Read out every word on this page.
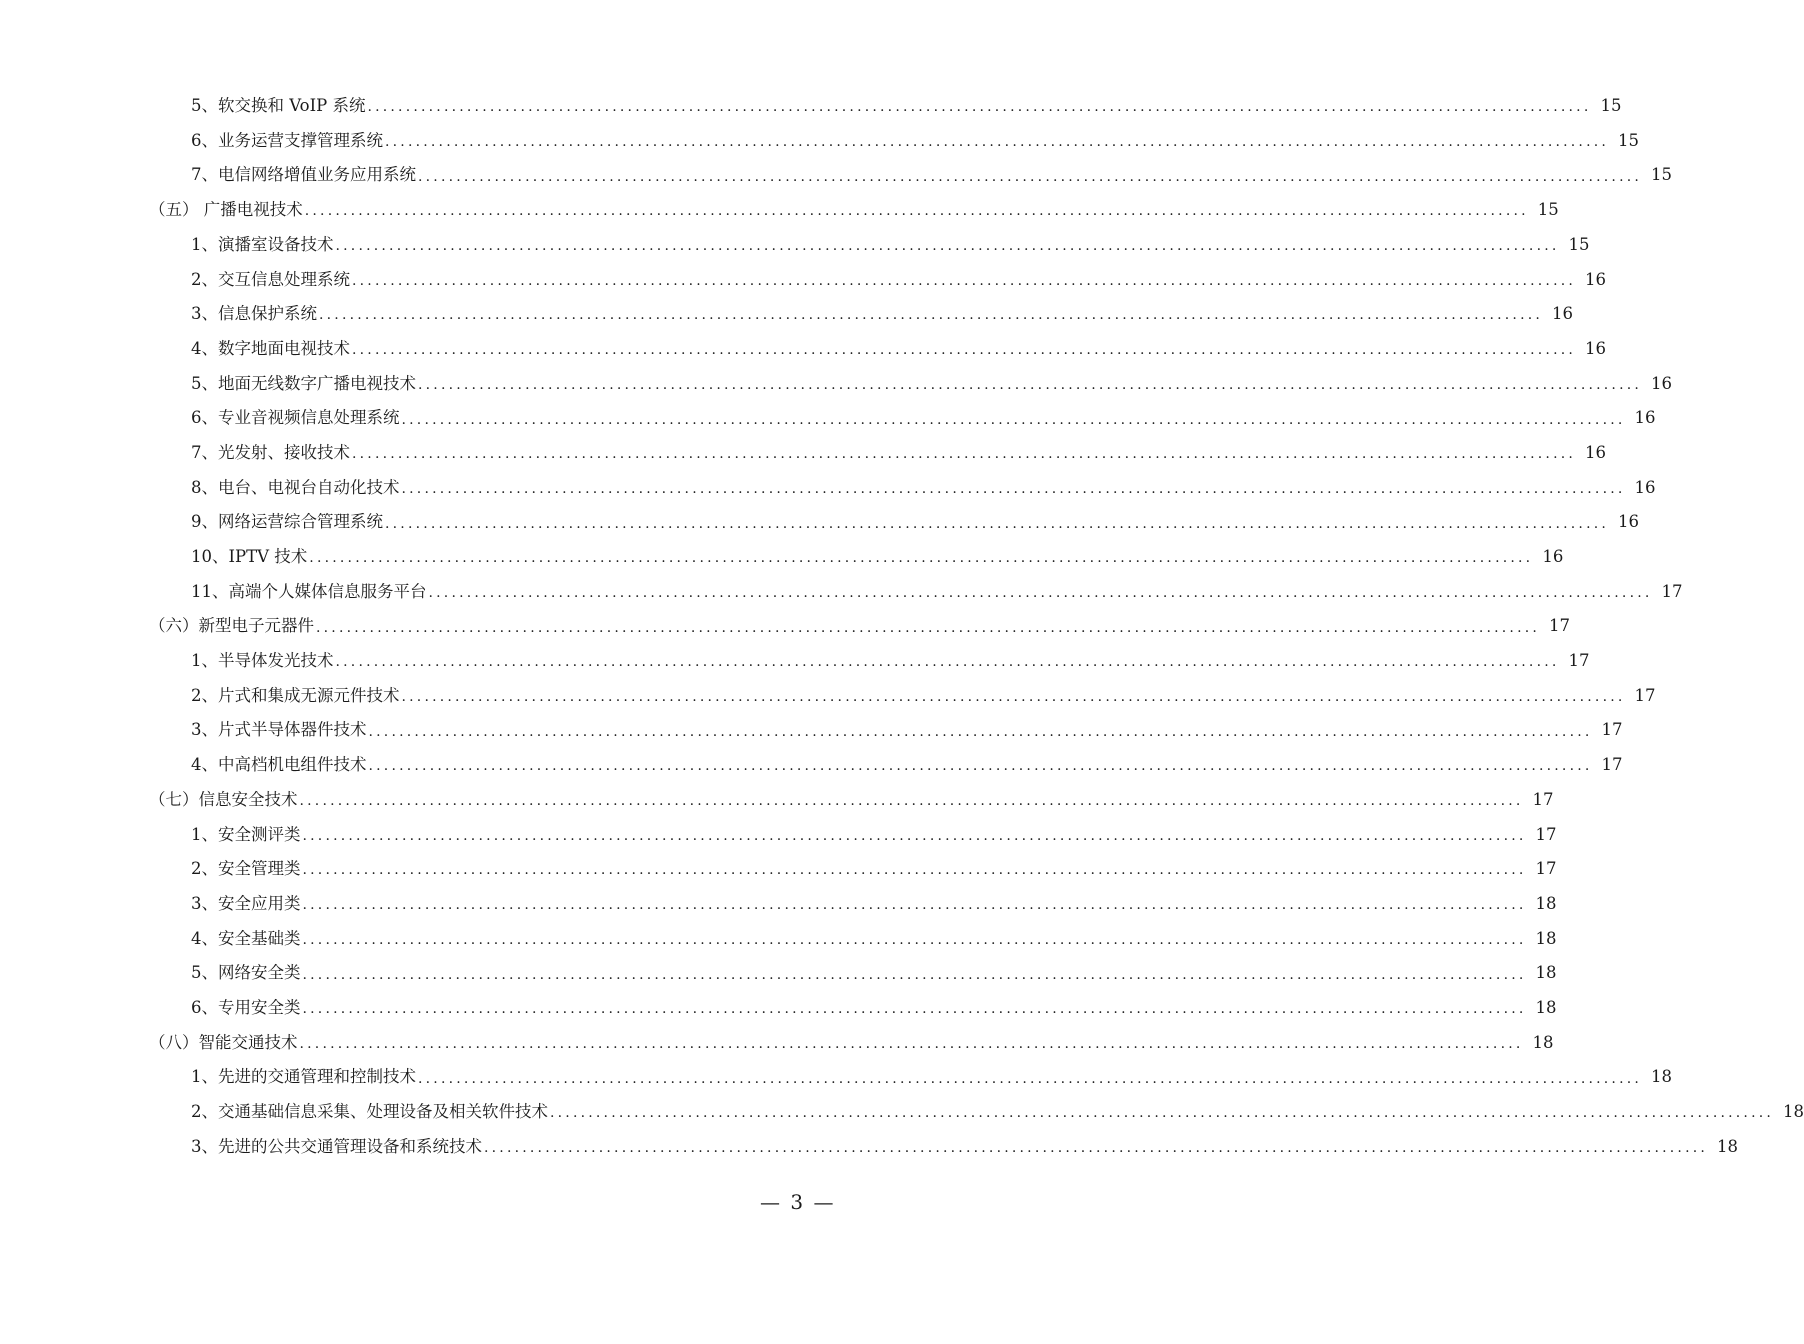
5、软交换和 VoIP 系统 ................................................................................................................................................................ 15
6、业务运营支撑管理系统 ................................................................................................................................................................ 15
7、电信网络增值业务应用系统 ................................................................................................................................................................ 15
（五） 广播电视技术 ................................................................................................................................................................ 15
1、演播室设备技术 ................................................................................................................................................................ 15
2、交互信息处理系统 ................................................................................................................................................................ 16
3、信息保护系统 ................................................................................................................................................................ 16
4、数字地面电视技术 ................................................................................................................................................................ 16
5、地面无线数字广播电视技术 ................................................................................................................................................................ 16
6、专业音视频信息处理系统 ................................................................................................................................................................ 16
7、光发射、接收技术 ................................................................................................................................................................ 16
8、电台、电视台自动化技术 ................................................................................................................................................................ 16
9、网络运营综合管理系统 ................................................................................................................................................................ 16
10、IPTV 技术 ................................................................................................................................................................ 16
11、高端个人媒体信息服务平台 ................................................................................................................................................................ 17
（六）新型电子元器件 ................................................................................................................................................................ 17
1、半导体发光技术 ................................................................................................................................................................ 17
2、片式和集成无源元件技术 ................................................................................................................................................................ 17
3、片式半导体器件技术 ................................................................................................................................................................ 17
4、中高档机电组件技术 ................................................................................................................................................................ 17
（七）信息安全技术 ................................................................................................................................................................ 17
1、安全测评类 ................................................................................................................................................................ 17
2、安全管理类 ................................................................................................................................................................ 17
3、安全应用类 ................................................................................................................................................................ 18
4、安全基础类 ................................................................................................................................................................ 18
5、网络安全类 ................................................................................................................................................................ 18
6、专用安全类 ................................................................................................................................................................ 18
（八）智能交通技术 ................................................................................................................................................................ 18
1、先进的交通管理和控制技术 ................................................................................................................................................................ 18
2、交通基础信息采集、处理设备及相关软件技术 ................................................................................................................................................................ 18
3、先进的公共交通管理设备和系统技术 ................................................................................................................................................................ 18
— 3 —
